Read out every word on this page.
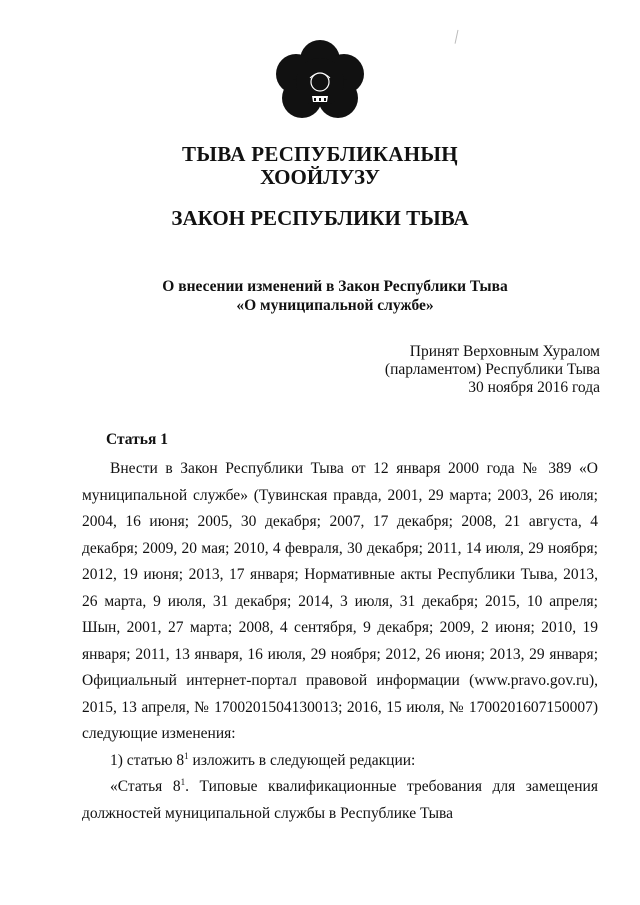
ТЫВА РЕСПУБЛИКАНЫҢ
ХООЙЛУЗУ
ЗАКОН РЕСПУБЛИКИ ТЫВА
О внесении изменений в Закон Республики Тыва
«О муниципальной службе»
Принят Верховным Хуралом
(парламентом) Республики Тыва
30 ноября 2016 года
Статья 1

Внести в Закон Республики Тыва от 12 января 2000 года № 389 «О муниципальной службе» (Тувинская правда, 2001, 29 марта; 2003, 26 июля; 2004, 16 июня; 2005, 30 декабря; 2007, 17 декабря; 2008, 21 августа, 4 декабря; 2009, 20 мая; 2010, 4 февраля, 30 декабря; 2011, 14 июля, 29 ноября; 2012, 19 июня; 2013, 17 января; Нормативные акты Республики Тыва, 2013, 26 марта, 9 июля, 31 декабря; 2014, 3 июля, 31 декабря; 2015, 10 апреля; Шын, 2001, 27 марта; 2008, 4 сентября, 9 декабря; 2009, 2 июня; 2010, 19 января; 2011, 13 января, 16 июля, 29 ноября; 2012, 26 июня; 2013, 29 января; Официальный интернет-портал правовой информации (www.pravo.gov.ru), 2015, 13 апреля, № 1700201504130013; 2016, 15 июля, № 1700201607150007) следующие изменения:

1) статью $8^1$ изложить в следующей редакции:

«Статья $8^1$. Типовые квалификационные требования для замещения должностей муниципальной службы в Республике Тыва
